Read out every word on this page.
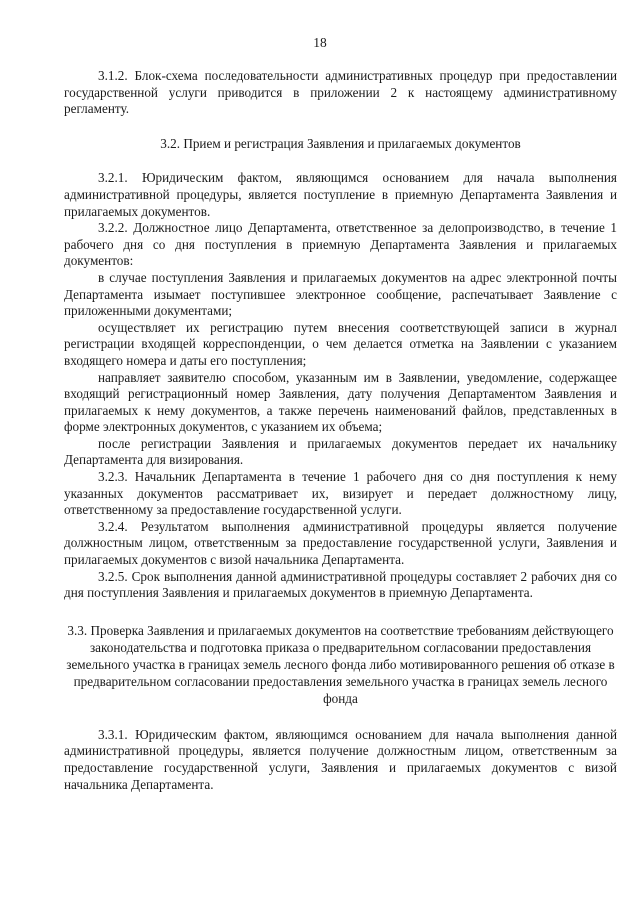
18

3.1.2. Блок-схема последовательности административных процедур при предоставлении государственной услуги приводится в приложении 2 к настоящему административному регламенту.

3.2. Прием и регистрация Заявления и прилагаемых документов

3.2.1. Юридическим фактом, являющимся основанием для начала выполнения административной процедуры, является поступление в приемную Департамента Заявления и прилагаемых документов.

3.2.2. Должностное лицо Департамента, ответственное за делопроизводство, в течение 1 рабочего дня со дня поступления в приемную Департамента Заявления и прилагаемых документов:

в случае поступления Заявления и прилагаемых документов на адрес электронной почты Департамента изымает поступившее электронное сообщение, распечатывает Заявление с приложенными документами;

осуществляет их регистрацию путем внесения соответствующей записи в журнал регистрации входящей корреспонденции, о чем делается отметка на Заявлении с указанием входящего номера и даты его поступления;

направляет заявителю способом, указанным им в Заявлении, уведомление, содержащее входящий регистрационный номер Заявления, дату получения Департаментом Заявления и прилагаемых к нему документов, а также перечень наименований файлов, представленных в форме электронных документов, с указанием их объема;

после регистрации Заявления и прилагаемых документов передает их начальнику Департамента для визирования.

3.2.3. Начальник Департамента в течение 1 рабочего дня со дня поступления к нему указанных документов рассматривает их, визирует и передает должностному лицу, ответственному за предоставление государственной услуги.

3.2.4. Результатом выполнения административной процедуры является получение должностным лицом, ответственным за предоставление государственной услуги, Заявления и прилагаемых документов с визой начальника Департамента.

3.2.5. Срок выполнения данной административной процедуры составляет 2 рабочих дня со дня поступления Заявления и прилагаемых документов в приемную Департамента.

3.3. Проверка Заявления и прилагаемых документов на соответствие требованиям действующего законодательства и подготовка приказа о предварительном согласовании предоставления земельного участка в границах земель лесного фонда либо мотивированного решения об отказе в предварительном согласовании предоставления земельного участка в границах земель лесного фонда

3.3.1. Юридическим фактом, являющимся основанием для начала выполнения данной административной процедуры, является получение должностным лицом, ответственным за предоставление государственной услуги, Заявления и прилагаемых документов с визой начальника Департамента.
